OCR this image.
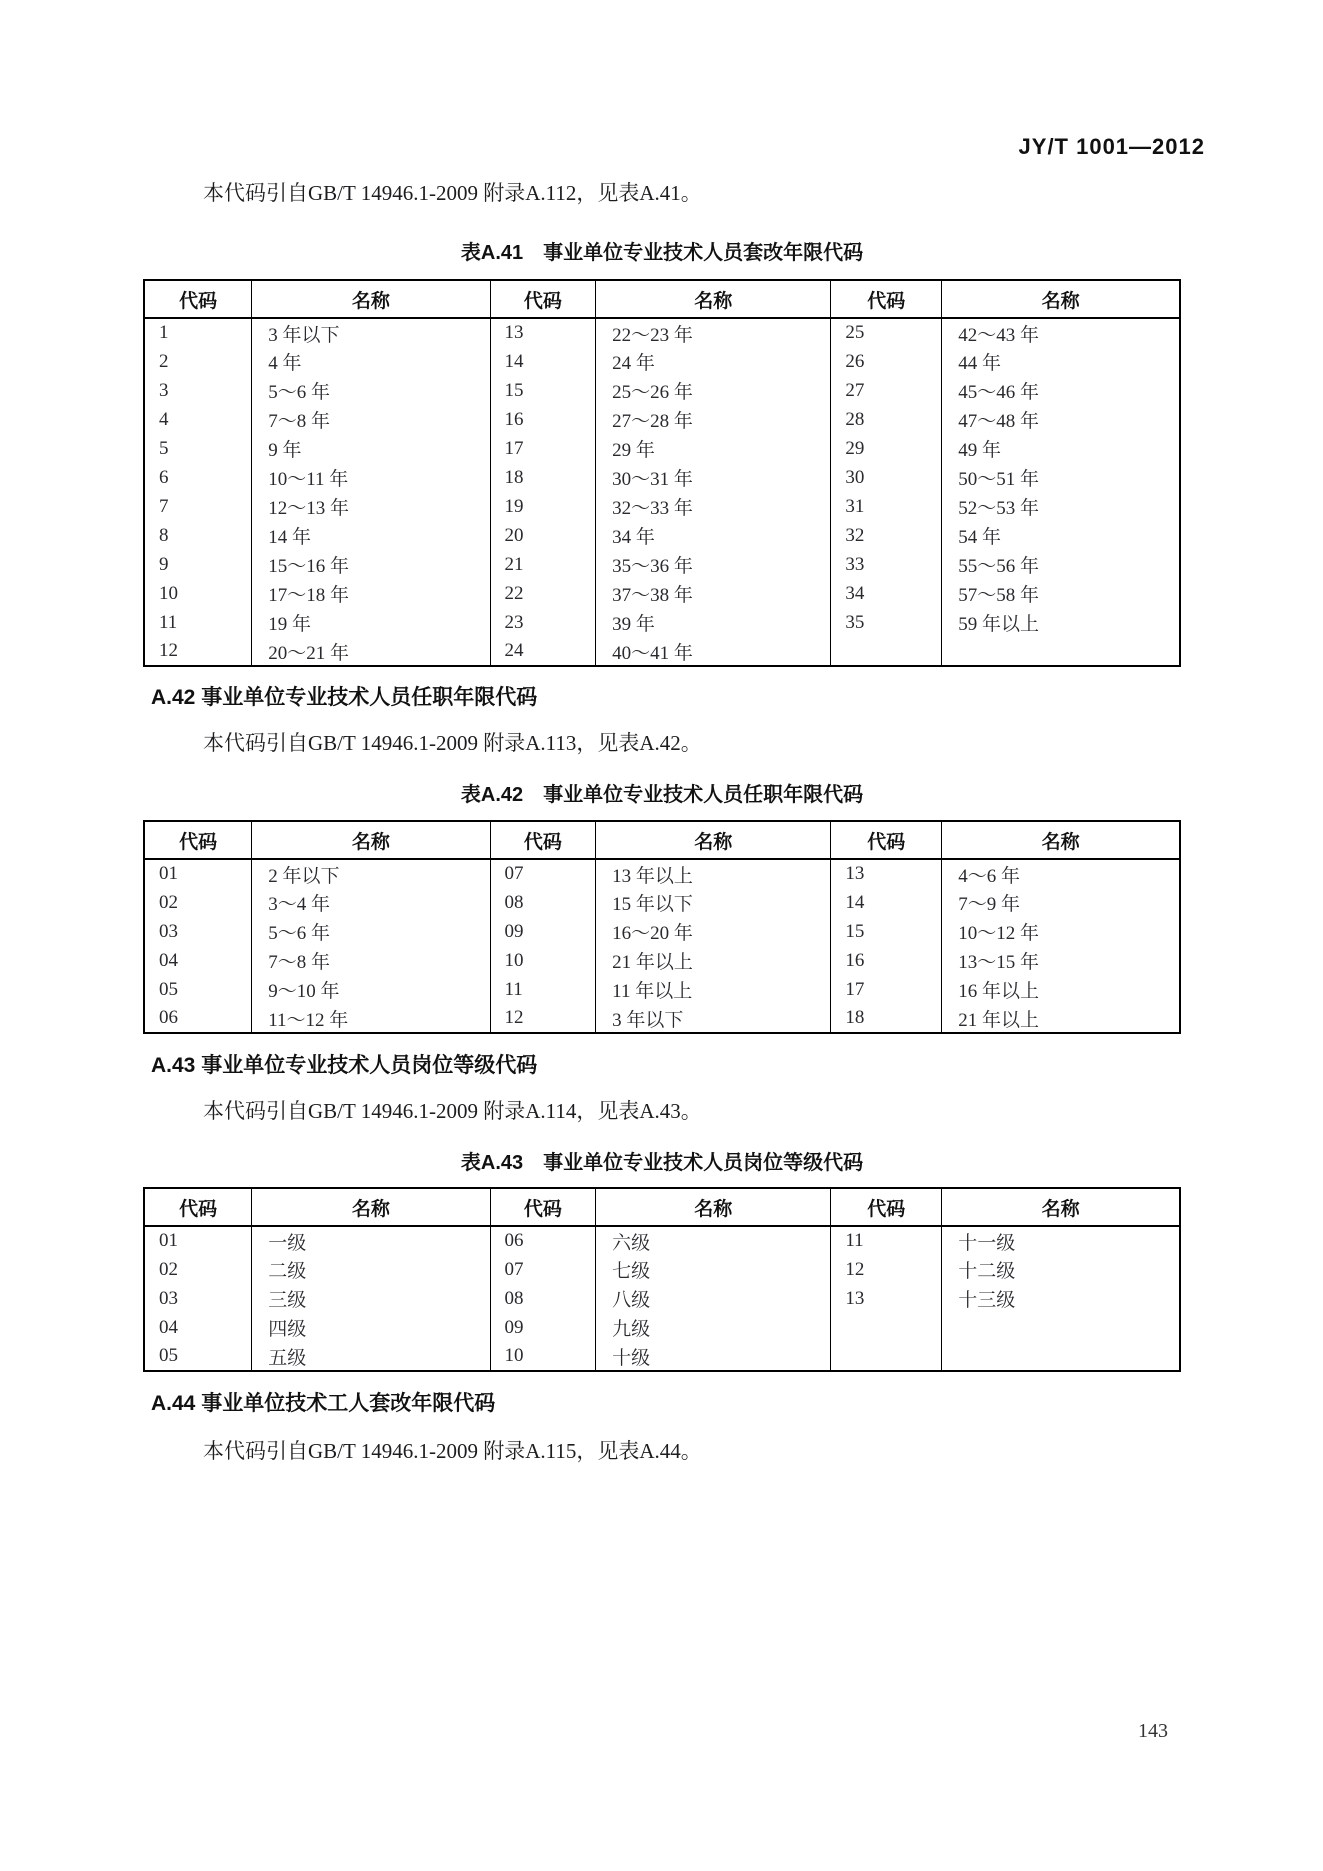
JY/T 1001—2012

本代码引自GB/T 14946.1-2009 附录A.112，见表A.41。

表A.41　事业单位专业技术人员套改年限代码
代码	名称	代码	名称	代码	名称
1	3 年以下	13	22～23 年	25	42～43 年
2	4 年	14	24 年	26	44 年
3	5～6 年	15	25～26 年	27	45～46 年
4	7～8 年	16	27～28 年	28	47～48 年
5	9 年	17	29 年	29	49 年
6	10～11 年	18	30～31 年	30	50～51 年
7	12～13 年	19	32～33 年	31	52～53 年
8	14 年	20	34 年	32	54 年
9	15～16 年	21	35～36 年	33	55～56 年
10	17～18 年	22	37～38 年	34	57～58 年
11	19 年	23	39 年	35	59 年以上
12	20～21 年	24	40～41 年		
A.42 事业单位专业技术人员任职年限代码

本代码引自GB/T 14946.1-2009 附录A.113，见表A.42。

表A.42　事业单位专业技术人员任职年限代码
代码	名称	代码	名称	代码	名称
01	2 年以下	07	13 年以上	13	4～6 年
02	3～4 年	08	15 年以下	14	7～9 年
03	5～6 年	09	16～20 年	15	10～12 年
04	7～8 年	10	21 年以上	16	13～15 年
05	9～10 年	11	11 年以上	17	16 年以上
06	11～12 年	12	3 年以下	18	21 年以上
A.43 事业单位专业技术人员岗位等级代码

本代码引自GB/T 14946.1-2009 附录A.114，见表A.43。

表A.43　事业单位专业技术人员岗位等级代码
代码	名称	代码	名称	代码	名称
01	一级	06	六级	11	十一级
02	二级	07	七级	12	十二级
03	三级	08	八级	13	十三级
04	四级	09	九级		
05	五级	10	十级		
A.44 事业单位技术工人套改年限代码

本代码引自GB/T 14946.1-2009 附录A.115，见表A.44。

143
